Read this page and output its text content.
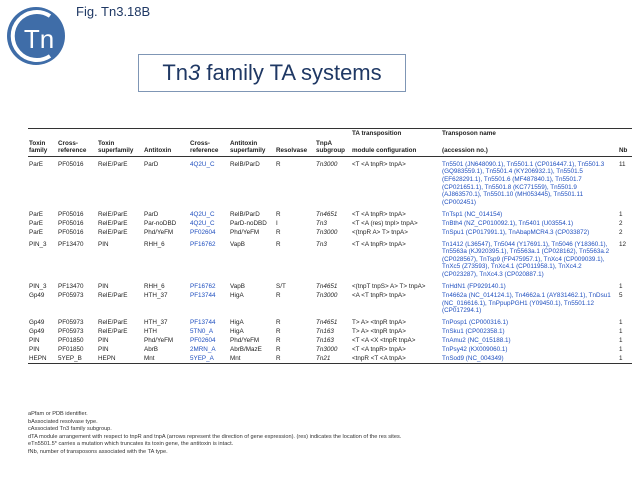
Tn
Fig. Tn3.18B
Tn3 family TA systems
								TA transposition	Transposon name	
Toxin family	Cross-reference	Toxin superfamily	Antitoxin	Cross-reference	Antitoxin superfamily	Resolvase	TnpA subgroup	module configuration	(accession no.)	Nb
ParE	PF05016	RelE/ParE	ParD	4Q2U_C	RelB/ParD	R	Tn3000	<T <A tnpR> tnpA>	Tn5501 (JN648090.1), Tn5501.1 (CP016447.1), Tn5501.3 (GQ983559.1), Tn5501.4 (KY206932.1), Tn5501.5 (EF628291.1), Tn5501.6 (MF487840.1), Tn5501.7 (CP021651.1), Tn5501.8 (KC771559), Tn5501.9 (AJ863570.1), Tn5501.10 (MH053445), Tn5501.11 (CP002451)	11
ParE	PF05016	RelE/ParE	ParD	4Q2U_C	RelB/ParD	R	Tn4651	<T <A tnpR> tnpA>	TnTsp1 (NC_014154)	1
ParE	PF05016	RelE/ParE	Par-noDBD	4Q2U_C	ParD-noDBD	I	Tn3	<T <A (res) tnpI> tnpA>	TnBth4 (NZ_CP010092.1), Tn5401 (U03554.1)	2
ParE	PF05016	RelE/ParE	Phd/YeFM	PF02604	Phd/YeFM	R	Tn3000	<(tnpR A> T> tnpA>	TnSpu1 (CP017991.1), TnAbapMCR4.3 (CP033872)	2
PIN_3	PF13470	PIN	RHH_6	PF16762	VapB	R	Tn3	<T <A tnpR> tnpA>	Tn1412 (L36547), Tn5044 (Y17691.1), Tn5046 (Y18360.1), Tn5563a (KJ920395.1), Tn5563a.1 (CP028162), Tn5563a.2 (CP028567), TnTsp9 (FP475957.1), TnXc4 (CP009039.1), TnXc5 (Z73593), TnXc4.1 (CP011958.1), TnXc4.2 (CP023287), TnXc4.3 (CP020887.1)	12
PIN_3	PF13470	PIN	RHH_6	PF16762	VapB	S/T	Tn4651	<(tnpT tnpS> A> T> tnpA>	TnHdN1 (FP929140.1)	1
Gp49	PF05973	RelE/ParE	HTH_37	PF13744	HigA	R	Tn3000	<A <T tnpR> tnpA>	Tn4662a (NC_014124.1), Tn4662a.1 (AY831462.1), TnDsu1 (NC_016616.1), TnPpupPGH1 (Y09450.1), Tn5501.12 (CP017294.1)	5
Gp49	PF05973	RelE/ParE	HTH_37	PF13744	HigA	R	Tn4651	T> A> <tnpR tnpA>	TnPosp1 (CP000316.1)	1
Gp49	PF05973	RelE/ParE	HTH	5TN0_A	HigA	R	Tn163	T> A> <tnpR tnpA>	TnSku1 (CP002358.1)	1
PIN	PF01850	PIN	Phd/YeFM	PF02604	Phd/YeFM	R	Tn163	<T <A <X <tnpR tnpA>	TnAmu2 (NC_015188.1)	1
PIN	PF01850	PIN	AbrB	2MRN_A	AbrB/MazE	R	Tn3000	<T <A tnpR> tnpA>	TnPsy42 (KX009060.1)	1
HEPN	5YEP_B	HEPN	Mnt	5YEP_A	Mnt	R	Tn21	<tnpR <T <A tnpA>	TnSod9 (NC_004349)	1
aPfam or PDB identifier.
bAssociated resolvase type.
cAssociated Tn3 family subgroup.
dTA module arrangement with respect to tnpR and tnpA (arrows represent the direction of gene expression). (res) indicates the location of the res sites.
eTn5501.5* carries a mutation which truncates its toxin gene, the antitoxin is intact.
fNb, number of transposons associated with the TA type.
